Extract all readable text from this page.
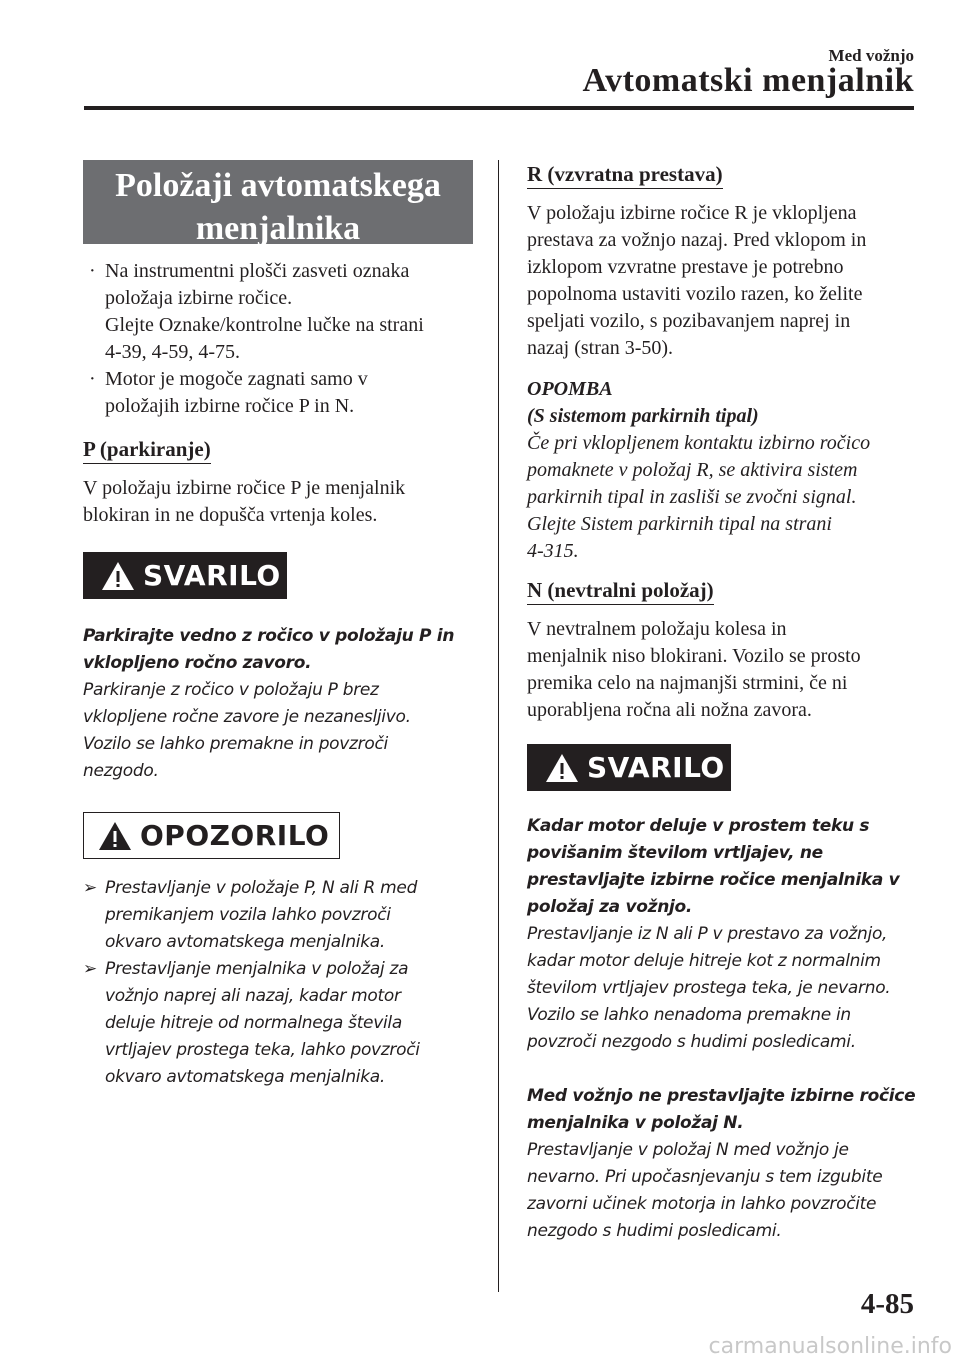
Med vožnjo
Avtomatski menjalnik
Položaji avtomatskega
menjalnika
· Na instrumentni plošči zasveti oznaka
položaja izbirne ročice.
Glejte Oznake/kontrolne lučke na strani
4-39, 4-59, 4-75.
· Motor je mogoče zagnati samo v
položajih izbirne ročice P in N.
P (parkiranje)
V položaju izbirne ročice P je menjalnik
blokiran in ne dopušča vrtenja koles.
SVARILO
Parkirajte vedno z ročico v položaju P in
vklopljeno ročno zavoro.
Parkiranje z ročico v položaju P brez
vklopljene ročne zavore je nezanesljivo.
Vozilo se lahko premakne in povzroči
nezgodo.
OPOZORILO
➢ Prestavljanje v položaje P, N ali R med
premikanjem vozila lahko povzroči
okvaro avtomatskega menjalnika.
➢ Prestavljanje menjalnika v položaj za
vožnjo naprej ali nazaj, kadar motor
deluje hitreje od normalnega števila
vrtljajev prostega teka, lahko povzroči
okvaro avtomatskega menjalnika.
R (vzvratna prestava)
V položaju izbirne ročice R je vklopljena
prestava za vožnjo nazaj. Pred vklopom in
izklopom vzvratne prestave je potrebno
popolnoma ustaviti vozilo razen, ko želite
speljati vozilo, s pozibavanjem naprej in
nazaj (stran 3-50).
OPOMBA
(S sistemom parkirnih tipal)
Če pri vklopljenem kontaktu izbirno ročico
pomaknete v položaj R, se aktivira sistem
parkirnih tipal in zasliši se zvočni signal.
Glejte Sistem parkirnih tipal na strani
4-315.
N (nevtralni položaj)
V nevtralnem položaju kolesa in
menjalnik niso blokirani. Vozilo se prosto
premika celo na najmanjši strmini, če ni
uporabljena ročna ali nožna zavora.
SVARILO
Kadar motor deluje v prostem teku s
povišanim številom vrtljajev, ne
prestavljajte izbirne ročice menjalnika v
položaj za vožnjo.
Prestavljanje iz N ali P v prestavo za vožnjo,
kadar motor deluje hitreje kot z normalnim
številom vrtljajev prostega teka, je nevarno.
Vozilo se lahko nenadoma premakne in
povzroči nezgodo s hudimi posledicami.
Med vožnjo ne prestavljajte izbirne ročice
menjalnika v položaj N.
Prestavljanje v položaj N med vožnjo je
nevarno. Pri upočasnjevanju s tem izgubite
zavorni učinek motorja in lahko povzročite
nezgodo s hudimi posledicami.
4-85
carmanualsonline.info
